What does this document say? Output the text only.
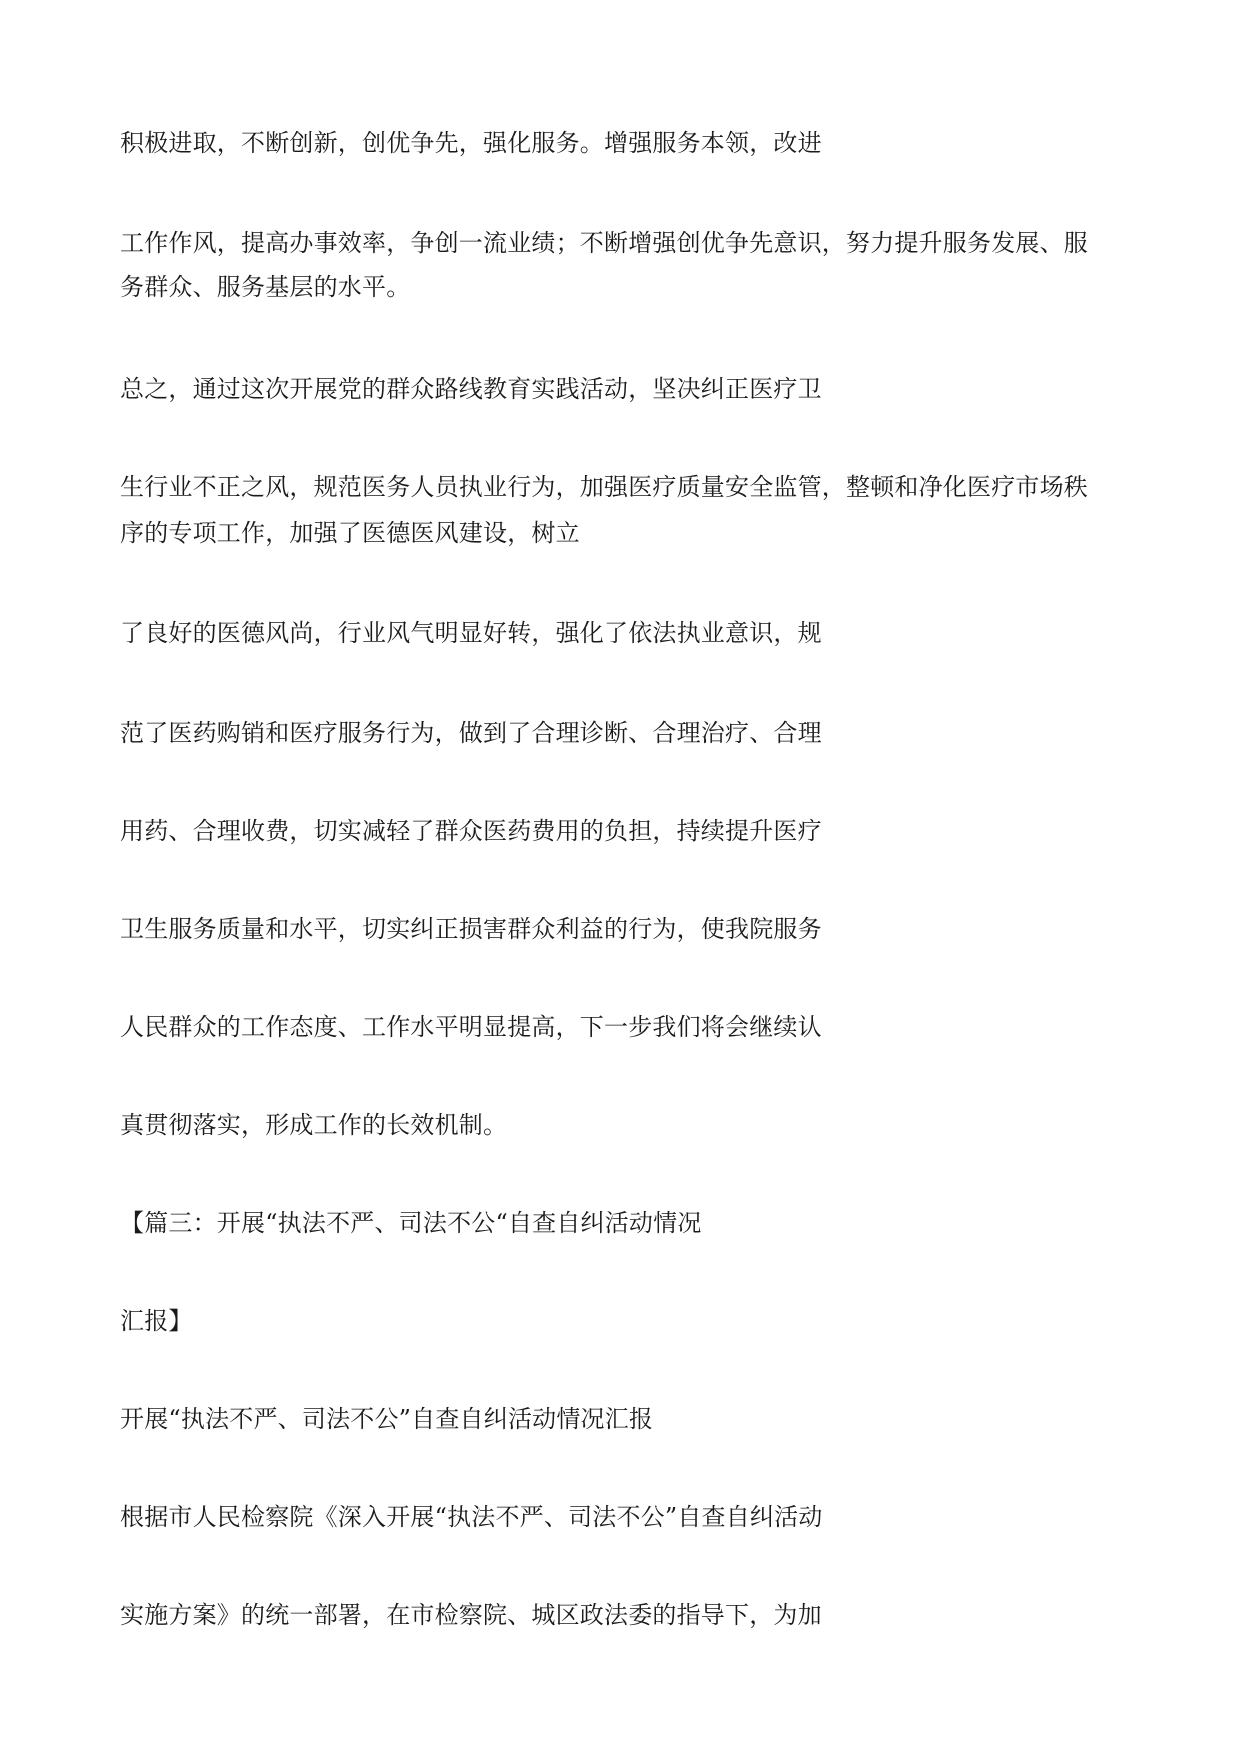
积极进取，不断创新，创优争先，强化服务。增强服务本领，改进
工作作风，提高办事效率，争创一流业绩；不断增强创优争先意识，努力提升服务发展、服
务群众、服务基层的水平。
总之，通过这次开展党的群众路线教育实践活动，坚决纠正医疗卫
生行业不正之风，规范医务人员执业行为，加强医疗质量安全监管，整顿和净化医疗市场秩
序的专项工作，加强了医德医风建设，树立
了良好的医德风尚，行业风气明显好转，强化了依法执业意识，规
范了医药购销和医疗服务行为，做到了合理诊断、合理治疗、合理
用药、合理收费，切实减轻了群众医药费用的负担，持续提升医疗
卫生服务质量和水平，切实纠正损害群众利益的行为，使我院服务
人民群众的工作态度、工作水平明显提高，下一步我们将会继续认
真贯彻落实，形成工作的长效机制。
【篇三：开展“执法不严、司法不公“自查自纠活动情况
汇报】
开展“执法不严、司法不公”自查自纠活动情况汇报
根据市人民检察院《深入开展“执法不严、司法不公”自查自纠活动
实施方案》的统一部署，在市检察院、城区政法委的指导下，为加
